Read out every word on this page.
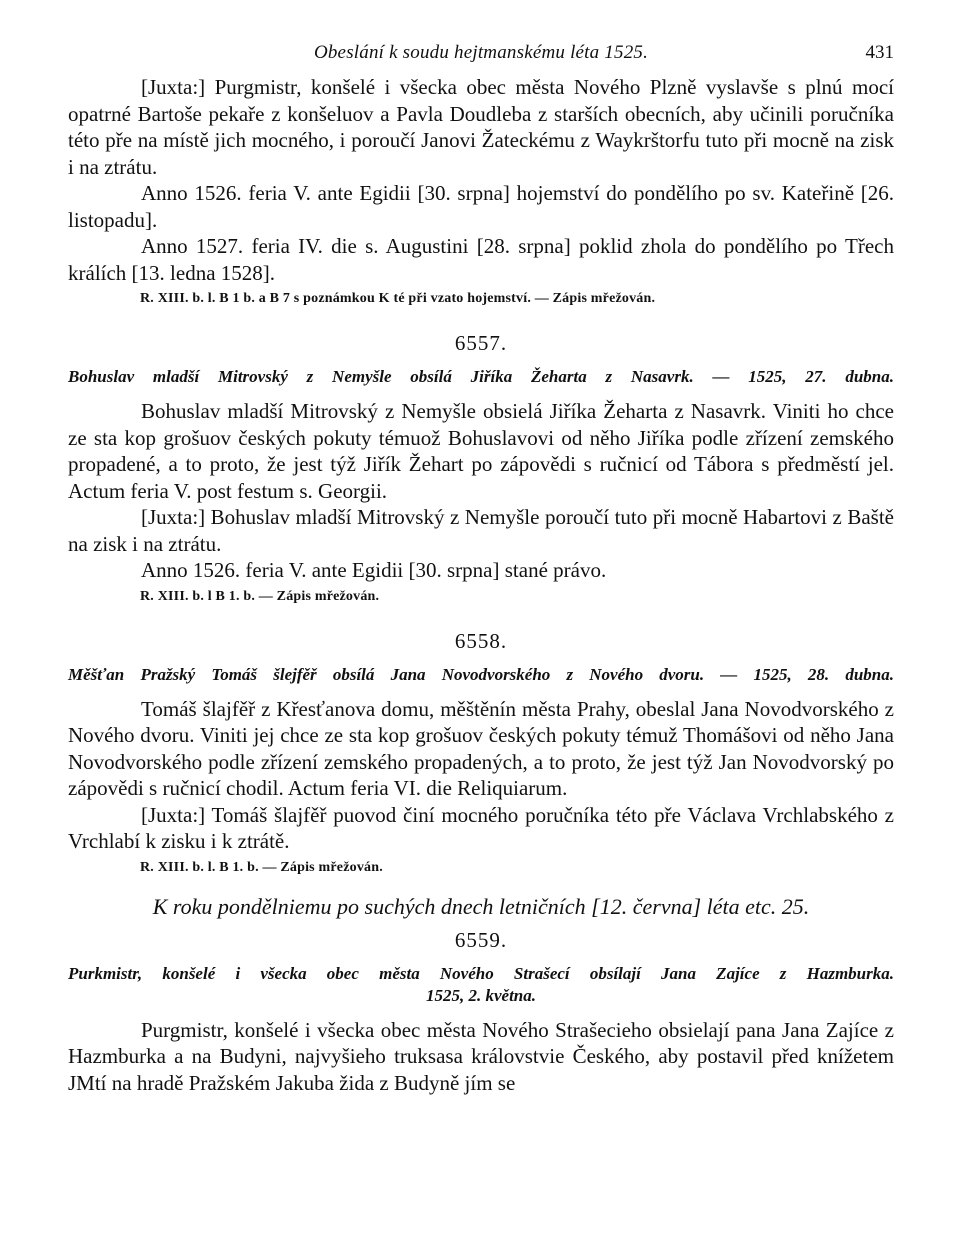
Obeslání k soudu hejtmanskému léta 1525.	431

[Juxta:] Purgmistr, konšelé i všecka obec města Nového Plzně vyslavše s plnú mocí opatrné Bartoše pekaře z konšeluov a Pavla Doudleba z starších obecních, aby učinili poručníka této pře na místě jich mocného, i poroučí Janovi Žateckému z Waykrštorfu tuto při mocně na zisk i na ztrátu.

Anno 1526. feria V. ante Egidii [30. srpna] hojemství do pondělího po sv. Kateřině [26. listopadu].

Anno 1527. feria IV. die s. Augustini [28. srpna] poklid zhola do pondělího po Třech králích [13. ledna 1528].

R. XIII. b. l. B 1 b. a B 7 s poznámkou K té při vzato hojemství. — Zápis mřežován.
6557.
Bohuslav mladší Mitrovský z Nemyšle obsílá Jiříka Žeharta z Nasavrk. — 1525, 27. dubna.

Bohuslav mladší Mitrovský z Nemyšle obsielá Jiříka Žeharta z Nasavrk. Viniti ho chce ze sta kop grošuov českých pokuty témuož Bohuslavovi od něho Jiříka podle zřízení zemského propadené, a to proto, že jest týž Jiřík Žehart po zápovědi s ručnicí od Tábora s předměstí jel. Actum feria V. post festum s. Georgii.

[Juxta:] Bohuslav mladší Mitrovský z Nemyšle poroučí tuto při mocně Habartovi z Baště na zisk i na ztrátu.

Anno 1526. feria V. ante Egidii [30. srpna] stané právo.

R. XIII. b. l B 1. b. — Zápis mřežován.
6558.
Měšťan Pražský Tomáš šlejfěř obsílá Jana Novodvorského z Nového dvoru. — 1525, 28. dubna.

Tomáš šlajfěř z Křesťanova domu, měštěnín města Prahy, obeslal Jana Novodvorského z Nového dvoru. Viniti jej chce ze sta kop grošuov českých pokuty témuž Thomášovi od něho Jana Novodvorského podle zřízení zemského propadených, a to proto, že jest týž Jan Novodvorský po zápovědi s ručnicí chodil. Actum feria VI. die Reliquiarum.

[Juxta:] Tomáš šlajfěř puovod činí mocného poručníka této pře Václava Vrchlabského z Vrchlabí k zisku i k ztrátě.

R. XIII. b. l. B 1. b. — Zápis mřežován.
K roku pondělniemu po suchých dnech letničních [12. června] léta etc. 25.
6559.
Purkmistr, konšelé i všecka obec města Nového Strašecí obsílají Jana Zajíce z Hazmburka.
1525, 2. května.

Purgmistr, konšelé i všecka obec města Nového Strašecieho obsielají pana Jana Zajíce z Hazmburka a na Budyni, najvyšieho truksasa královstvie Českého, aby postavil před knížetem JMtí na hradě Pražském Jakuba žida z Budyně jím se
